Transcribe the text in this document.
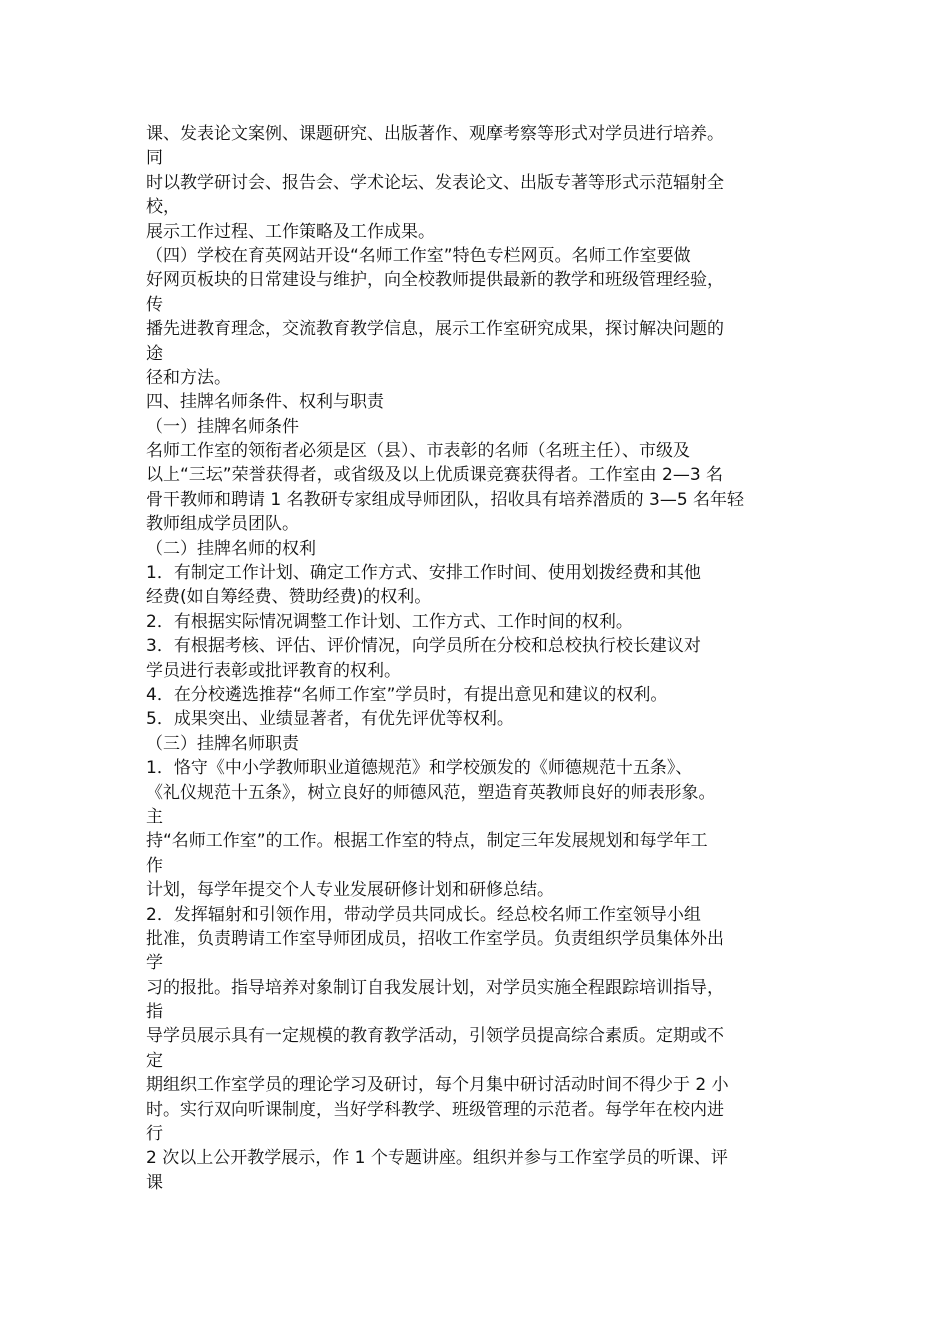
课、发表论文案例、课题研究、出版著作、观摩考察等形式对学员进行培养。
同
时以教学研讨会、报告会、学术论坛、发表论文、出版专著等形式示范辐射全
校，
展示工作过程、工作策略及工作成果。
（四）学校在育英网站开设“名师工作室”特色专栏网页。名师工作室要做
好网页板块的日常建设与维护，向全校教师提供最新的教学和班级管理经验，
传
播先进教育理念，交流教育教学信息，展示工作室研究成果，探讨解决问题的
途
径和方法。
四、挂牌名师条件、权利与职责
（一）挂牌名师条件
名师工作室的领衔者必须是区（县）、市表彰的名师（名班主任）、市级及
以上“三坛”荣誉获得者，或省级及以上优质课竞赛获得者。工作室由 2—3 名
骨干教师和聘请 1 名教研专家组成导师团队，招收具有培养潜质的 3—5 名年轻
教师组成学员团队。
（二）挂牌名师的权利
1．有制定工作计划、确定工作方式、安排工作时间、使用划拨经费和其他
经费(如自筹经费、赞助经费)的权利。
2．有根据实际情况调整工作计划、工作方式、工作时间的权利。
3．有根据考核、评估、评价情况，向学员所在分校和总校执行校长建议对
学员进行表彰或批评教育的权利。
4．在分校遴选推荐“名师工作室”学员时，有提出意见和建议的权利。
5．成果突出、业绩显著者，有优先评优等权利。
（三）挂牌名师职责
1．恪守《中小学教师职业道德规范》和学校颁发的《师德规范十五条》、
《礼仪规范十五条》，树立良好的师德风范，塑造育英教师良好的师表形象。
主
持“名师工作室”的工作。根据工作室的特点，制定三年发展规划和每学年工
作
计划，每学年提交个人专业发展研修计划和研修总结。
2．发挥辐射和引领作用，带动学员共同成长。经总校名师工作室领导小组
批准，负责聘请工作室导师团成员，招收工作室学员。负责组织学员集体外出
学
习的报批。指导培养对象制订自我发展计划，对学员实施全程跟踪培训指导，
指
导学员展示具有一定规模的教育教学活动，引领学员提高综合素质。定期或不
定
期组织工作室学员的理论学习及研讨，每个月集中研讨活动时间不得少于 2 小
时。实行双向听课制度，当好学科教学、班级管理的示范者。每学年在校内进
行
2 次以上公开教学展示，作 1 个专题讲座。组织并参与工作室学员的听课、评
课
